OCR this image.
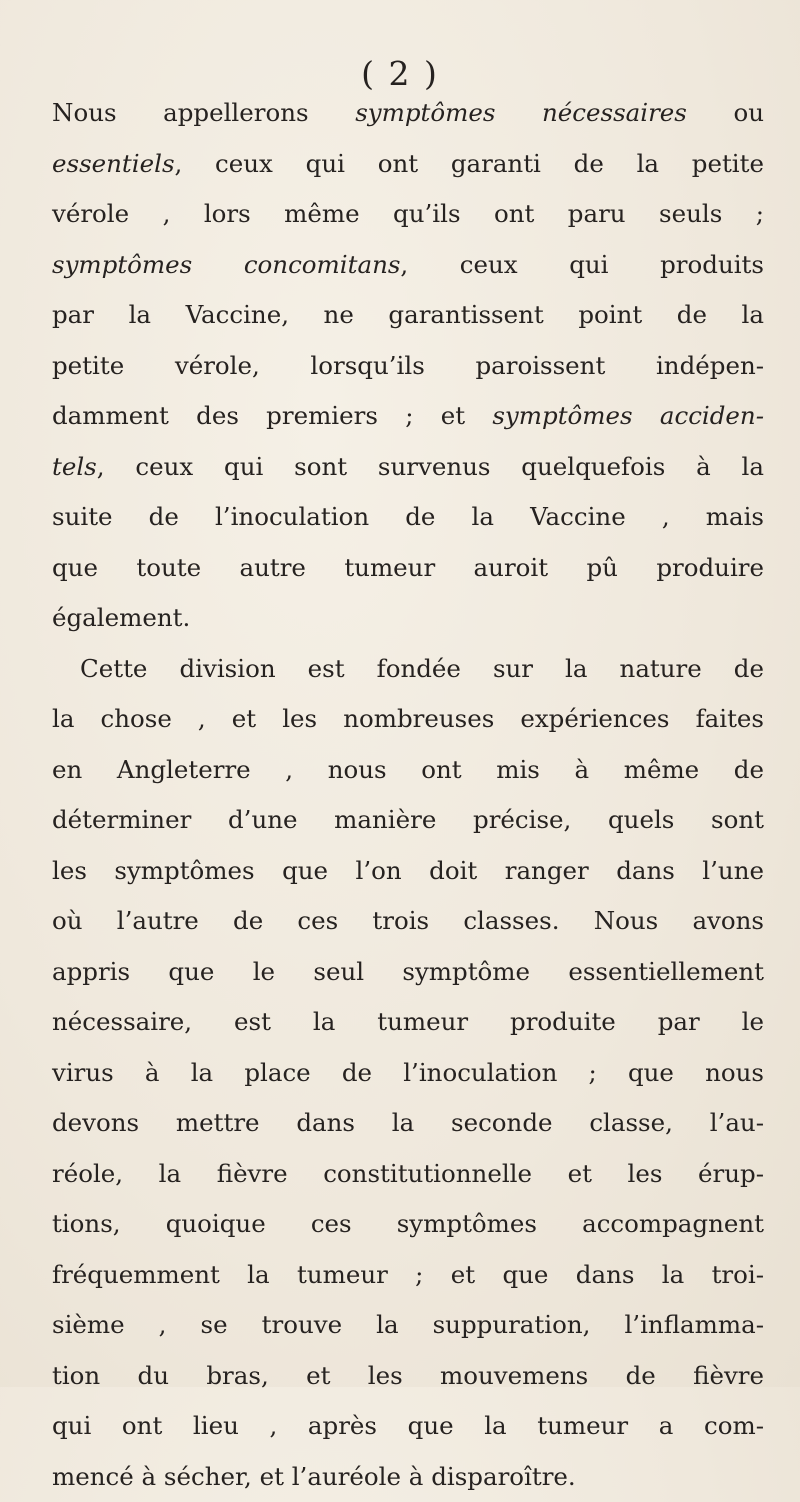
( 2 )
Nous appellerons symptômes nécessaires ou
essentiels, ceux qui ont garanti de la petite
vérole , lors même qu’ils ont paru seuls ;
symptômes concomitans, ceux qui produits
par la Vaccine, ne garantissent point de la
petite vérole, lorsqu’ils paroissent indépen-
damment des premiers ; et symptômes acciden-
tels, ceux qui sont survenus quelquefois à la
suite de l’inoculation de la Vaccine , mais
que toute autre tumeur auroit pû produire
également.
Cette division est fondée sur la nature de
la chose , et les nombreuses expériences faites
en Angleterre , nous ont mis à même de
déterminer d’une manière précise, quels sont
les symptômes que l’on doit ranger dans l’une
où l’autre de ces trois classes. Nous avons
appris que le seul symptôme essentiellement
nécessaire, est la tumeur produite par le
virus à la place de l’inoculation ; que nous
devons mettre dans la seconde classe, l’au-
réole, la fièvre constitutionnelle et les érup-
tions, quoique ces symptômes accompagnent
fréquemment la tumeur ; et que dans la troi-
sième , se trouve la suppuration, l’inflamma-
tion du bras, et les mouvemens de fièvre
qui ont lieu , après que la tumeur a com-
mencé à sécher, et l’auréole à disparoître.
